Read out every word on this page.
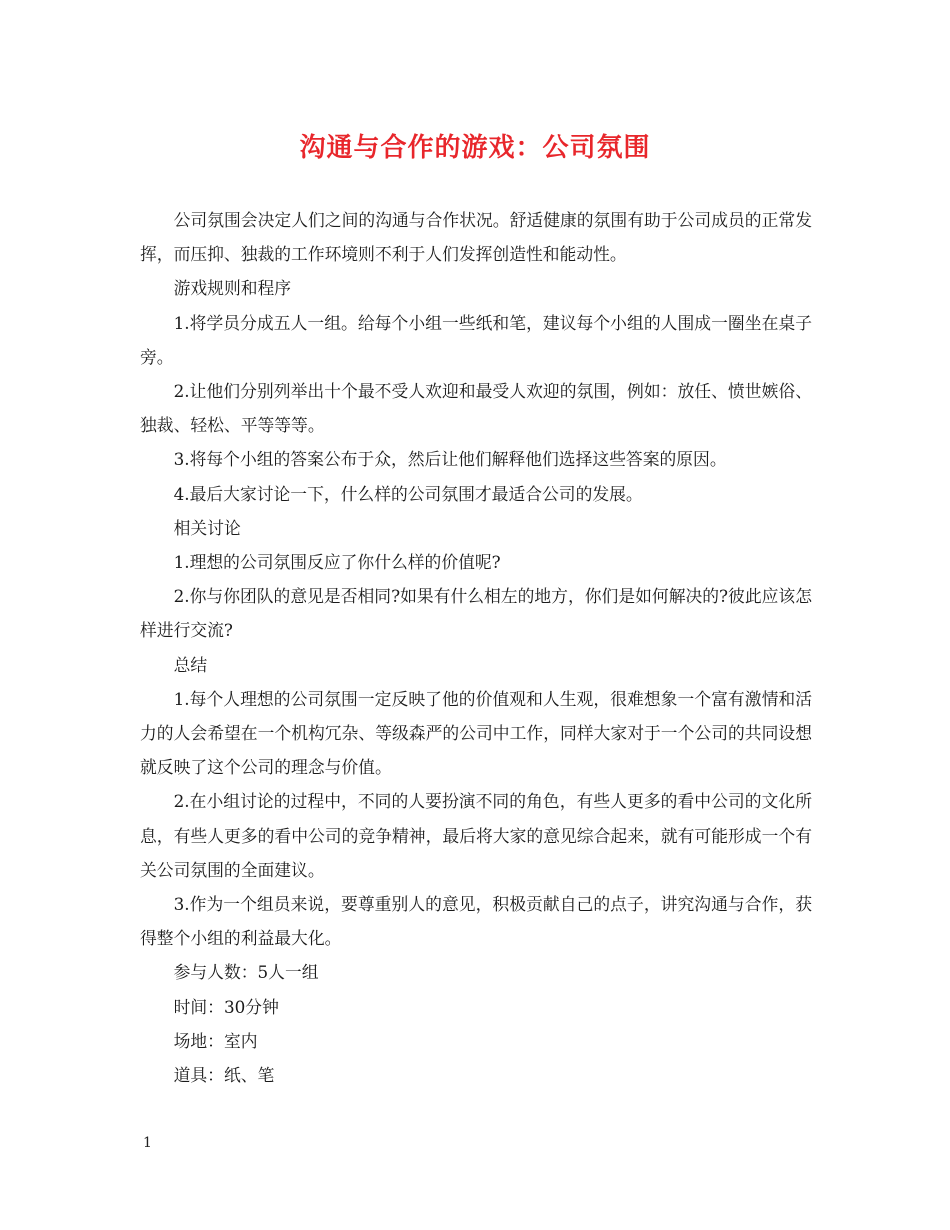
沟通与合作的游戏：公司氛围

公司氛围会决定人们之间的沟通与合作状况。舒适健康的氛围有助于公司成员的正常发挥，而压抑、独裁的工作环境则不利于人们发挥创造性和能动性。

游戏规则和程序

1.将学员分成五人一组。给每个小组一些纸和笔，建议每个小组的人围成一圈坐在桌子旁。

2.让他们分别列举出十个最不受人欢迎和最受人欢迎的氛围，例如：放任、愤世嫉俗、独裁、轻松、平等等等。

3.将每个小组的答案公布于众，然后让他们解释他们选择这些答案的原因。

4.最后大家讨论一下，什么样的公司氛围才最适合公司的发展。

相关讨论

1.理想的公司氛围反应了你什么样的价值呢?

2.你与你团队的意见是否相同?如果有什么相左的地方，你们是如何解决的?彼此应该怎样进行交流?

总结

1.每个人理想的公司氛围一定反映了他的价值观和人生观，很难想象一个富有激情和活力的人会希望在一个机构冗杂、等级森严的公司中工作，同样大家对于一个公司的共同设想就反映了这个公司的理念与价值。

2.在小组讨论的过程中，不同的人要扮演不同的角色，有些人更多的看中公司的文化所息，有些人更多的看中公司的竞争精神，最后将大家的意见综合起来，就有可能形成一个有关公司氛围的全面建议。

3.作为一个组员来说，要尊重别人的意见，积极贡献自己的点子，讲究沟通与合作，获得整个小组的利益最大化。

参与人数：5人一组

时间：30分钟

场地：室内

道具：纸、笔

1
